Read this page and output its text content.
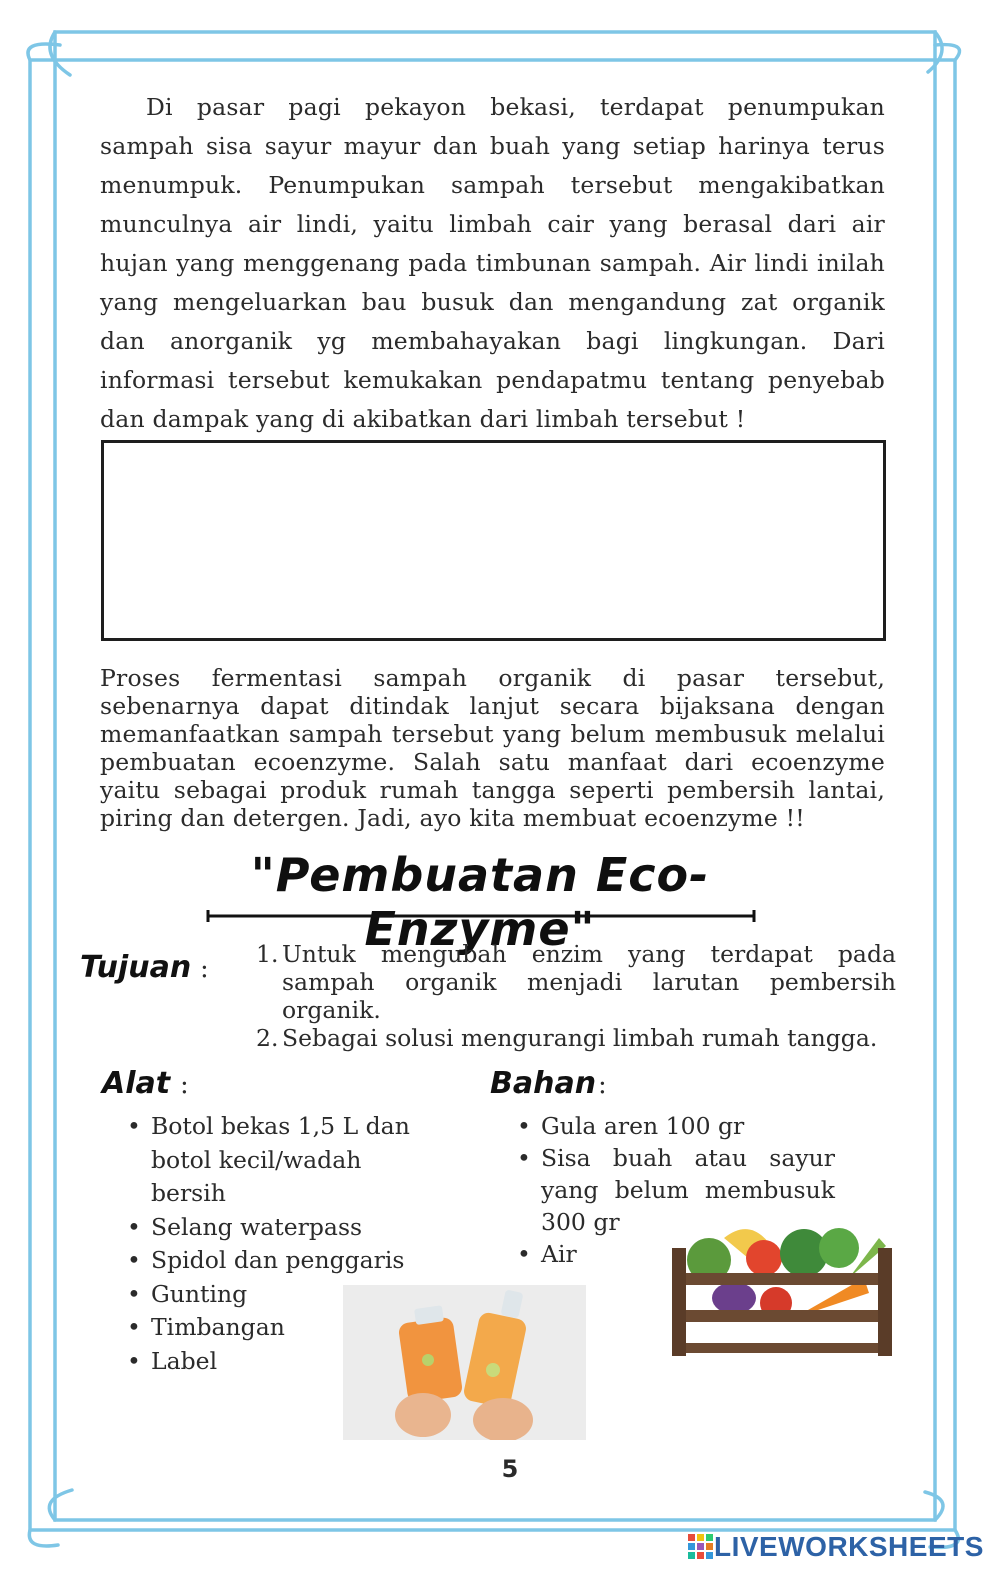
Di pasar pagi pekayon bekasi, terdapat penumpukan sampah sisa sayur mayur dan buah yang setiap harinya terus menumpuk. Penumpukan sampah tersebut mengakibatkan munculnya air lindi, yaitu limbah cair yang berasal dari air hujan yang menggenang pada timbunan sampah. Air lindi inilah yang mengeluarkan bau busuk dan mengandung zat organik dan anorganik yg membahayakan bagi lingkungan. Dari informasi tersebut kemukakan pendapatmu tentang penyebab dan dampak yang di akibatkan dari limbah tersebut !

Proses fermentasi sampah organik di pasar tersebut, sebenarnya dapat ditindak lanjut secara bijaksana dengan memanfaatkan sampah tersebut yang belum membusuk melalui pembuatan ecoenzyme. Salah satu manfaat dari ecoenzyme yaitu sebagai produk rumah tangga seperti pembersih lantai, piring dan detergen. Jadi, ayo kita membuat ecoenzyme !!

"Pembuatan Eco-Enzyme"

Tujuan : 1. Untuk mengubah enzim yang terdapat pada sampah organik menjadi larutan pembersih organik.
2. Sebagai solusi mengurangi limbah rumah tangga.

Alat :
• Botol bekas 1,5 L dan botol kecil/wadah bersih
• Selang waterpass
• Spidol dan penggaris
• Gunting
• Timbangan
• Label

Bahan :
• Gula aren 100 gr
• Sisa buah atau sayur yang belum membusuk 300 gr
• Air

5

LIVEWORKSHEETS
